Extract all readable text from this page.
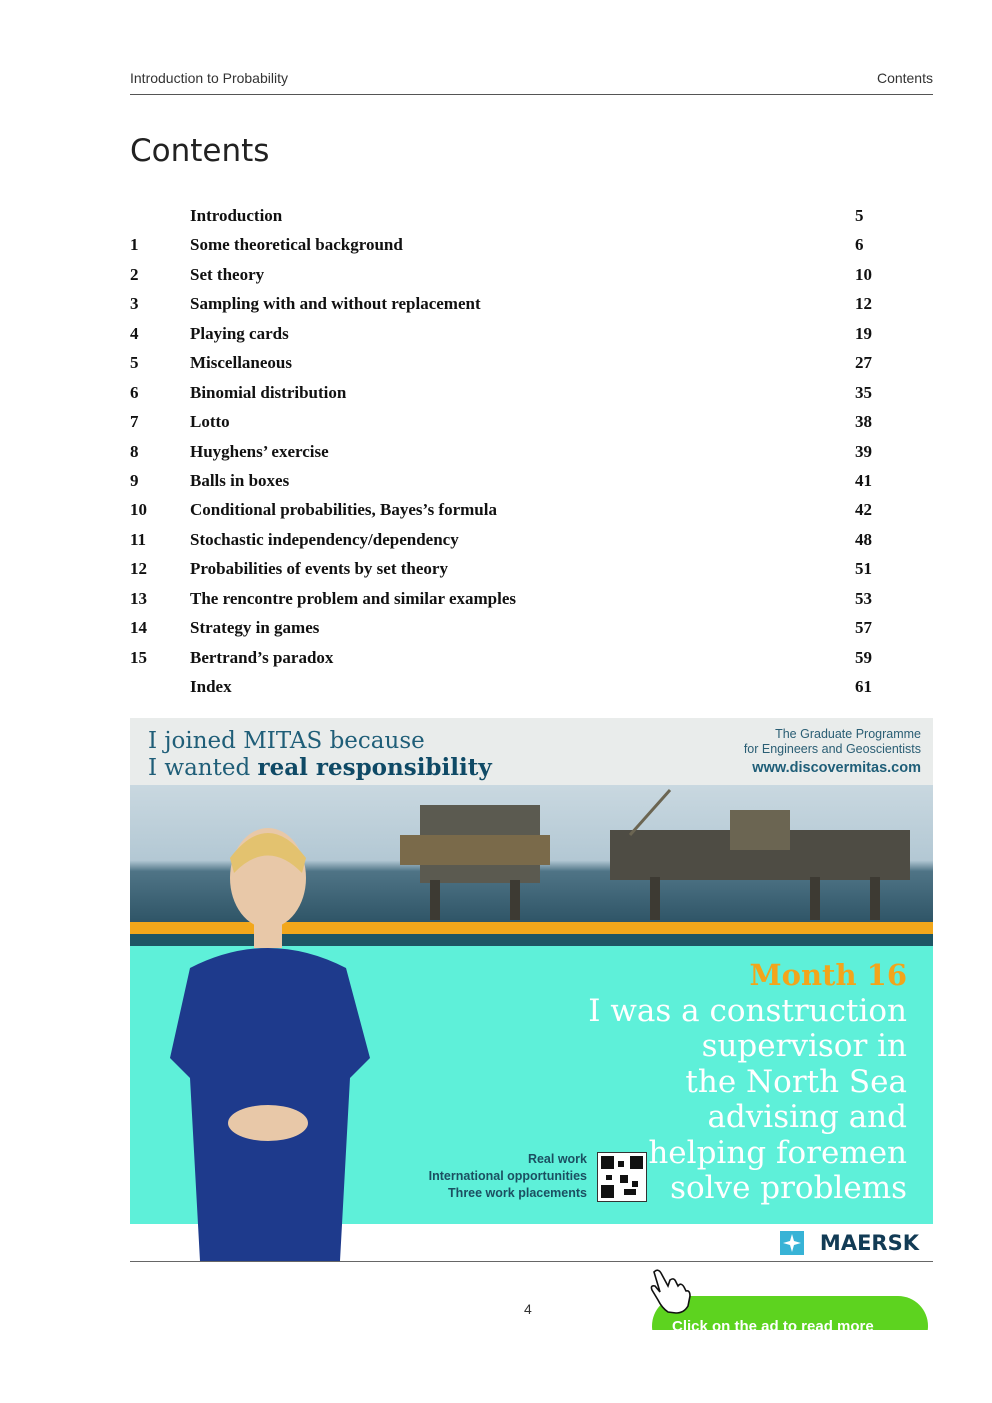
Introduction to Probability	Contents
Contents
Introduction	5
1	Some theoretical background	6
2	Set theory	10
3	Sampling with and without replacement	12
4	Playing cards	19
5	Miscellaneous	27
6	Binomial distribution	35
7	Lotto	38
8	Huyghens’ exercise	39
9	Balls in boxes	41
10	Conditional probabilities, Bayes’s formula	42
11	Stochastic independency/dependency	48
12	Probabilities of events by set theory	51
13	The rencontre problem and similar examples	53
14	Strategy in games	57
15	Bertrand’s paradox	59
Index	61
I joined MITAS because
I wanted real responsibility
The Graduate Programme
for Engineers and Geoscientists
www.discovermitas.com
Month 16
I was a construction
supervisor in
the North Sea
advising and
helping foremen
solve problems
Real work
International opportunities
Three work placements
MAERSK
4
Click on the ad to read more
